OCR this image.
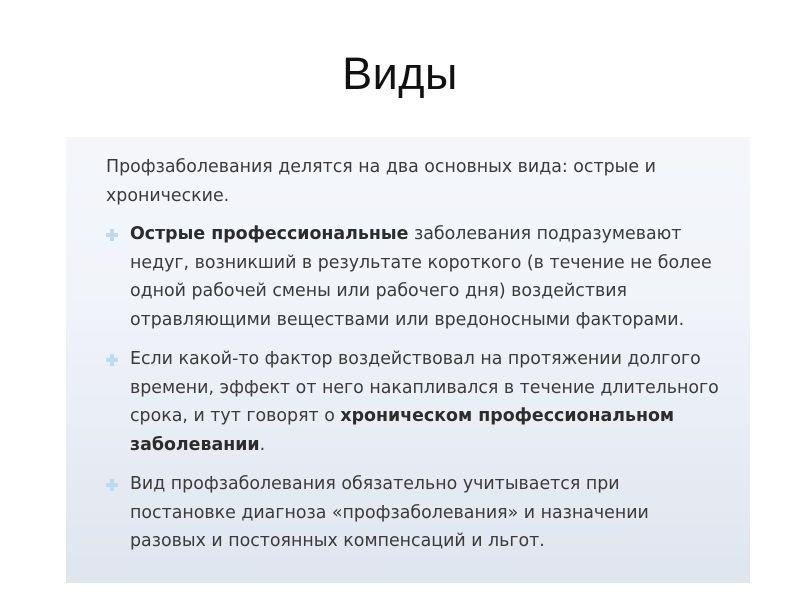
Виды

Профзаболевания делятся на два основных вида: острые и хронические.

Острые профессиональные заболевания подразумевают недуг, возникший в результате короткого (в течение не более одной рабочей смены или рабочего дня) воздействия отравляющими веществами или вредоносными факторами.

Если какой-то фактор воздействовал на протяжении долгого времени, эффект от него накапливался в течение длительного срока, и тут говорят о хроническом профессиональном заболевании.

Вид профзаболевания обязательно учитывается при постановке диагноза «профзаболевания» и назначении разовых и постоянных компенсаций и льгот.
